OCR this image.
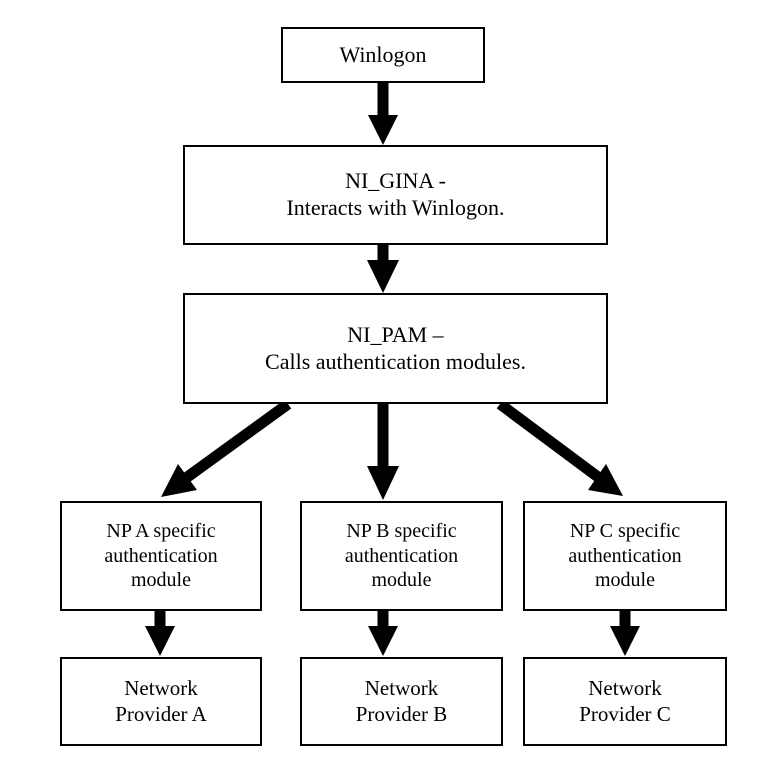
Winlogon
NI_GINA -
Interacts with Winlogon.
NI_PAM –
Calls authentication modules.
NP A specific
authentication
module
NP B specific
authentication
module
NP C specific
authentication
module
Network
Provider A
Network
Provider B
Network
Provider C
